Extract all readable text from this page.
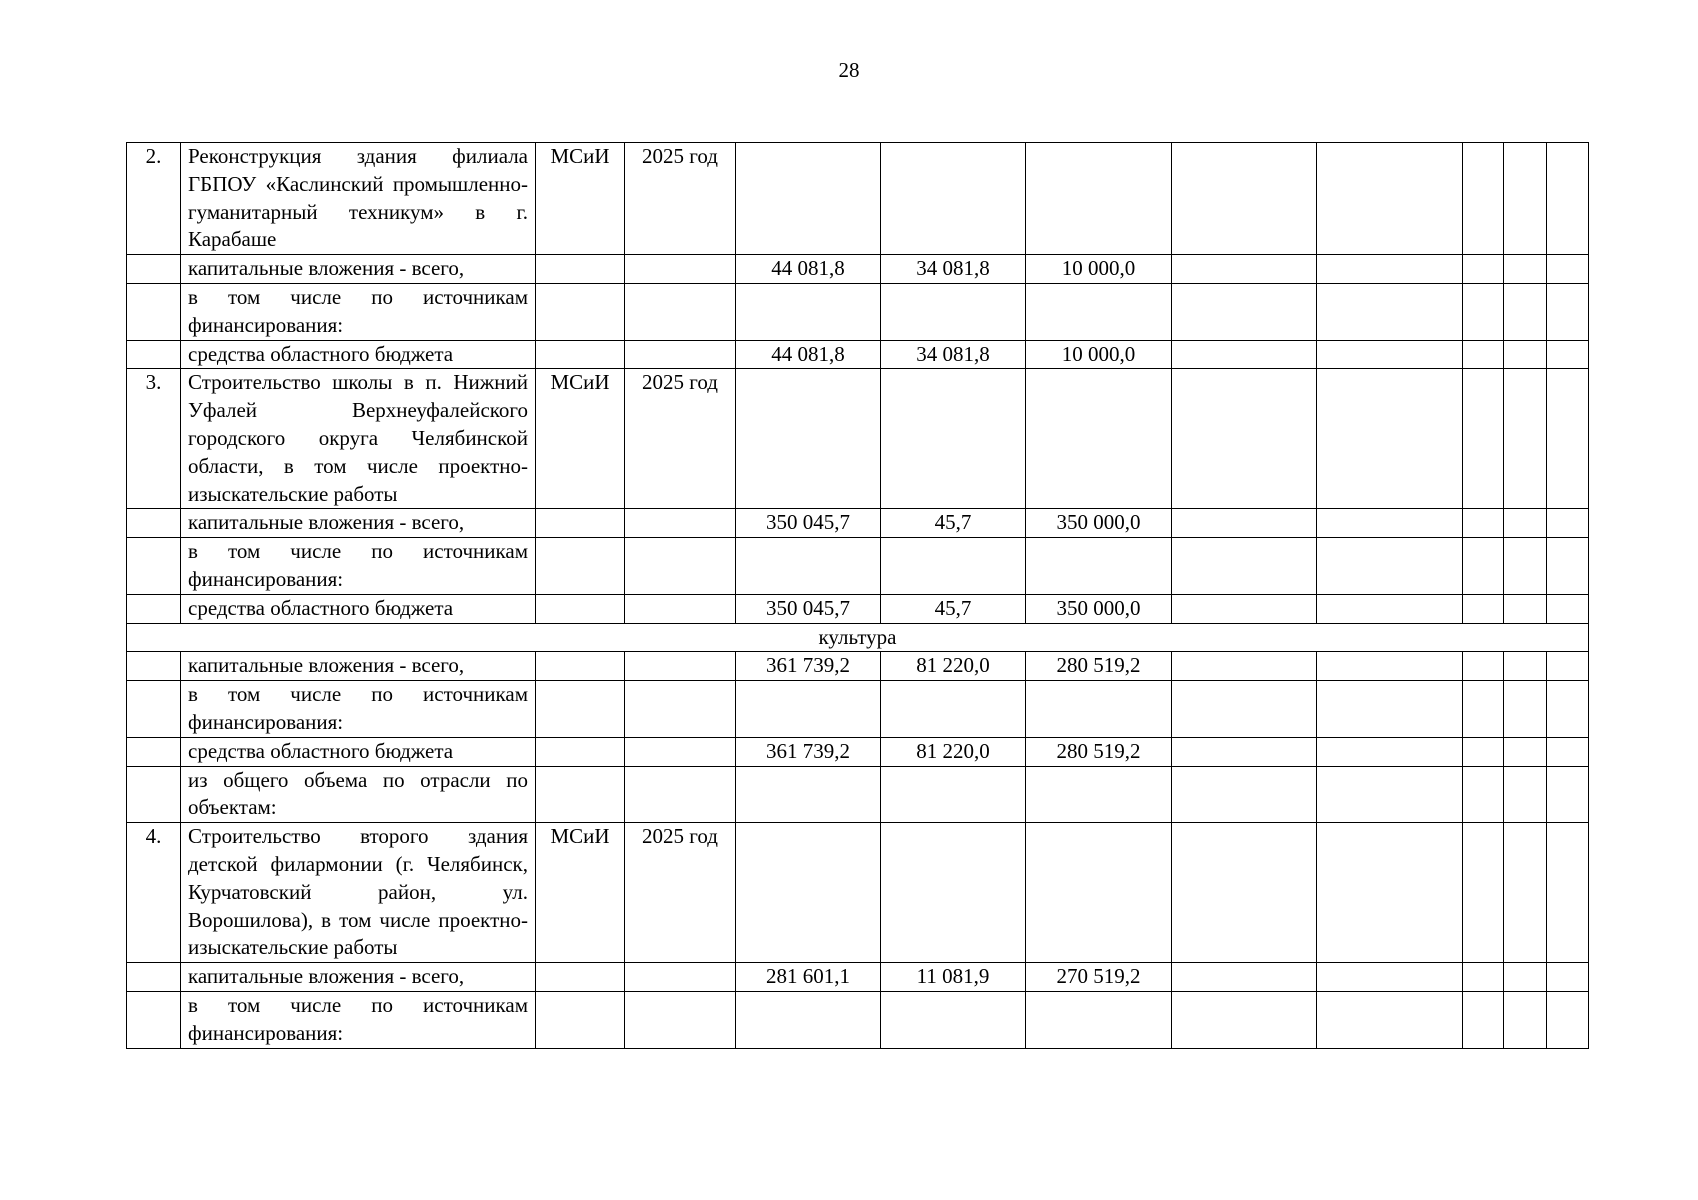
28
2.	Реконструкция здания филиала ГБПОУ «Каслинский промышленно-гуманитарный техникум» в г. Карабаше	МСиИ	2025 год								
	капитальные вложения - всего,			44 081,8	34 081,8	10 000,0					
	в том числе по источникам финансирования:										
	средства областного бюджета			44 081,8	34 081,8	10 000,0					
3.	Строительство школы в п. Нижний Уфалей Верхнеуфалейского городского округа Челябинской области, в том числе проектно-изыскательские работы	МСиИ	2025 год								
	капитальные вложения - всего,			350 045,7	45,7	350 000,0					
	в том числе по источникам финансирования:										
	средства областного бюджета			350 045,7	45,7	350 000,0					
культура											
	капитальные вложения - всего,			361 739,2	81 220,0	280 519,2					
	в том числе по источникам финансирования:										
	средства областного бюджета			361 739,2	81 220,0	280 519,2					
	из общего объема по отрасли по объектам:										
4.	Строительство второго здания детской филармонии (г. Челябинск, Курчатовский район, ул. Ворошилова), в том числе проектно-изыскательские работы	МСиИ	2025 год								
	капитальные вложения - всего,			281 601,1	11 081,9	270 519,2					
	в том числе по источникам финансирования:										
